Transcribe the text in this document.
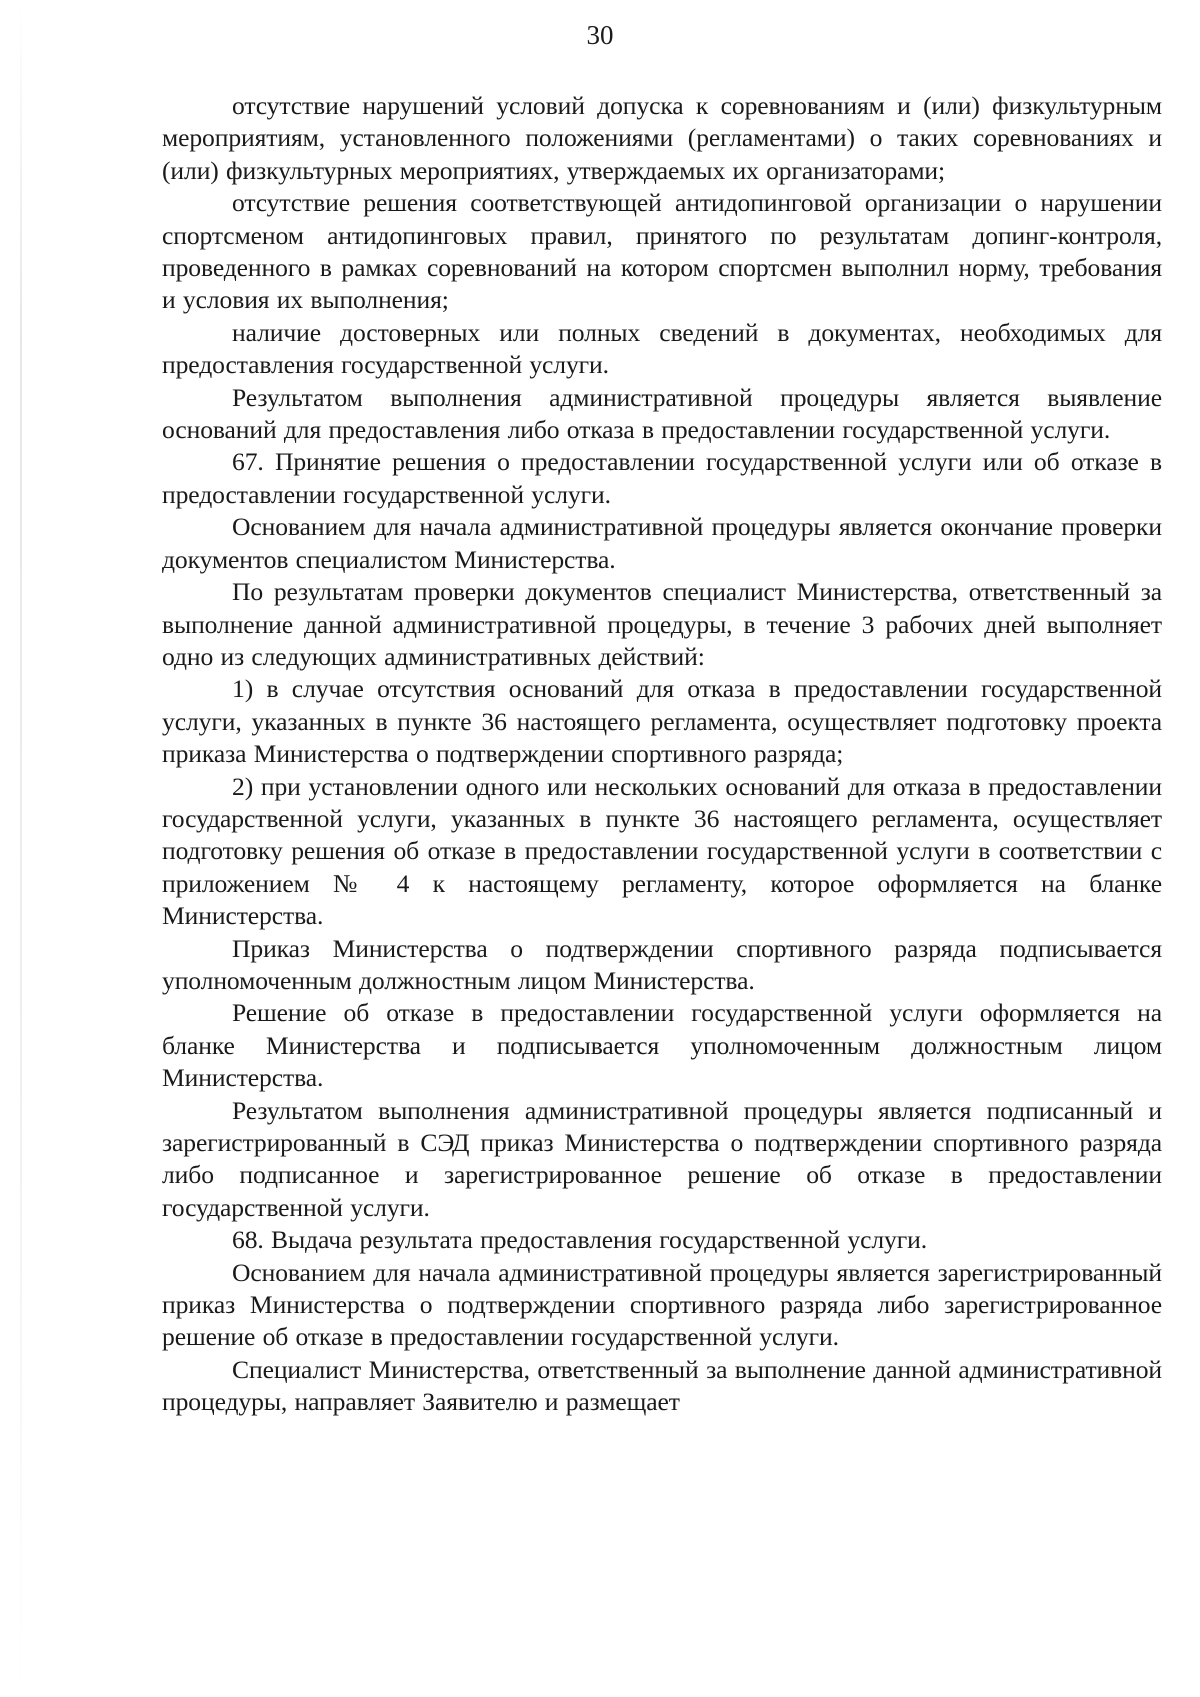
30

отсутствие нарушений условий допуска к соревнованиям и (или) физкультурным мероприятиям, установленного положениями (регламентами) о таких соревнованиях и (или) физкультурных мероприятиях, утверждаемых их организаторами;

отсутствие решения соответствующей антидопинговой организации о нарушении спортсменом антидопинговых правил, принятого по результатам допинг-контроля, проведенного в рамках соревнований на котором спортсмен выполнил норму, требования и условия их выполнения;

наличие достоверных или полных сведений в документах, необходимых для предоставления государственной услуги.

Результатом выполнения административной процедуры является выявление оснований для предоставления либо отказа в предоставлении государственной услуги.

67. Принятие решения о предоставлении государственной услуги или об отказе в предоставлении государственной услуги.

Основанием для начала административной процедуры является окончание проверки документов специалистом Министерства.

По результатам проверки документов специалист Министерства, ответственный за выполнение данной административной процедуры, в течение 3 рабочих дней выполняет одно из следующих административных действий:

1) в случае отсутствия оснований для отказа в предоставлении государственной услуги, указанных в пункте 36 настоящего регламента, осуществляет подготовку проекта приказа Министерства о подтверждении спортивного разряда;

2) при установлении одного или нескольких оснований для отказа в предоставлении государственной услуги, указанных в пункте 36 настоящего регламента, осуществляет подготовку решения об отказе в предоставлении государственной услуги в соответствии с приложением № 4 к настоящему регламенту, которое оформляется на бланке Министерства.

Приказ Министерства о подтверждении спортивного разряда подписывается уполномоченным должностным лицом Министерства.

Решение об отказе в предоставлении государственной услуги оформляется на бланке Министерства и подписывается уполномоченным должностным лицом Министерства.

Результатом выполнения административной процедуры является подписанный и зарегистрированный в СЭД приказ Министерства о подтверждении спортивного разряда либо подписанное и зарегистрированное решение об отказе в предоставлении государственной услуги.

68. Выдача результата предоставления государственной услуги.

Основанием для начала административной процедуры является зарегистрированный приказ Министерства о подтверждении спортивного разряда либо зарегистрированное решение об отказе в предоставлении государственной услуги.

Специалист Министерства, ответственный за выполнение данной административной процедуры, направляет Заявителю и размещает
